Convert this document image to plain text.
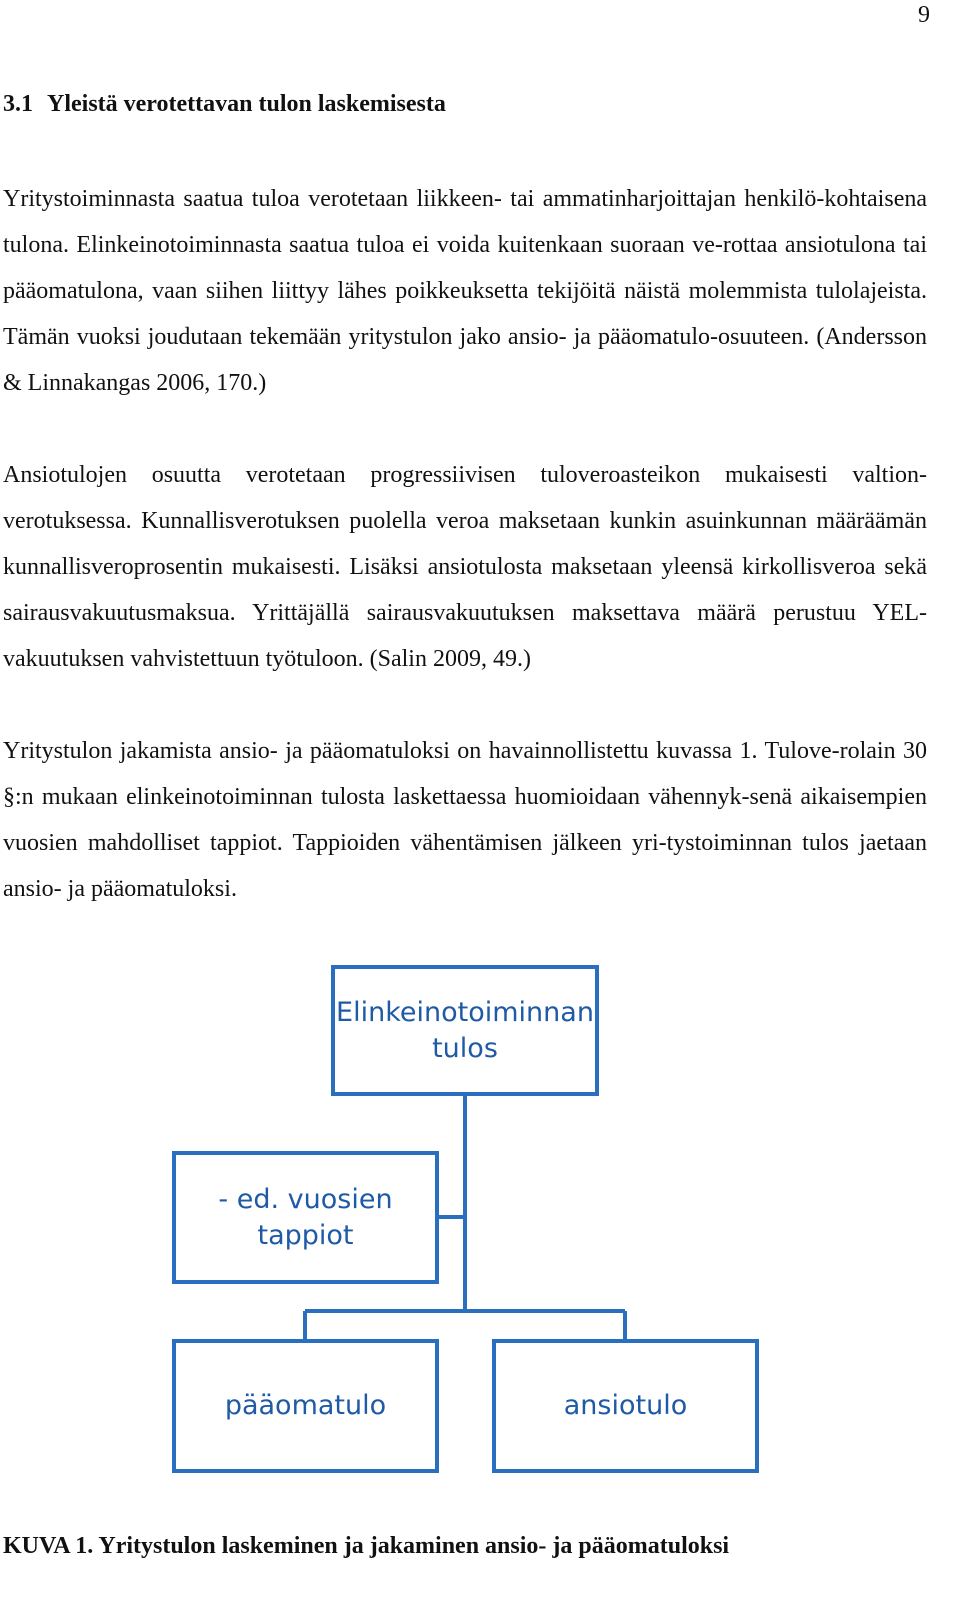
9
3.1 Yleistä verotettavan tulon laskemisesta

Yritystoiminnasta saatua tuloa verotetaan liikkeen- tai ammatinharjoittajan henkilö-kohtaisena tulona. Elinkeinotoiminnasta saatua tuloa ei voida kuitenkaan suoraan ve-rottaa ansiotulona tai pääomatulona, vaan siihen liittyy lähes poikkeuksetta tekijöitä näistä molemmista tulolajeista. Tämän vuoksi joudutaan tekemään yritystulon jako ansio- ja pääomatulo-osuuteen. (Andersson & Linnakangas 2006, 170.)

Ansiotulojen osuutta verotetaan progressiivisen tuloveroasteikon mukaisesti valtion-verotuksessa. Kunnallisverotuksen puolella veroa maksetaan kunkin asuinkunnan määräämän kunnallisveroprosentin mukaisesti. Lisäksi ansiotulosta maksetaan yleensä kirkollisveroa sekä sairausvakuutusmaksua. Yrittäjällä sairausvakuutuksen maksettava määrä perustuu YEL-vakuutuksen vahvistettuun työtuloon. (Salin 2009, 49.)

Yritystulon jakamista ansio- ja pääomatuloksi on havainnollistettu kuvassa 1. Tulove-rolain 30 §:n mukaan elinkeinotoiminnan tulosta laskettaessa huomioidaan vähennyk-senä aikaisempien vuosien mahdolliset tappiot. Tappioiden vähentämisen jälkeen yri-tystoiminnan tulos jaetaan ansio- ja pääomatuloksi.

Elinkeinotoiminnan
tulos
- ed. vuosien
tappiot
pääomatulo	ansiotulo

KUVA 1. Yritystulon laskeminen ja jakaminen ansio- ja pääomatuloksi
